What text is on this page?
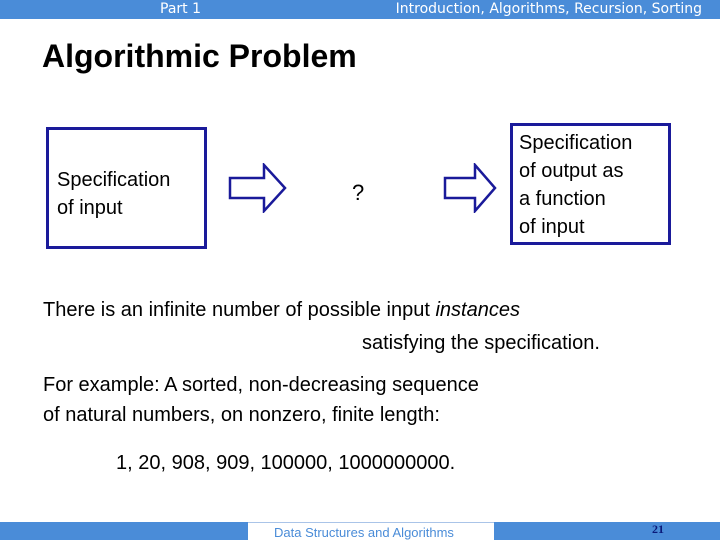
Part 1	Introduction, Algorithms, Recursion, Sorting
Algorithmic Problem
Specification
of input
?
Specification
of output as
a function
of input
There is an infinite number of possible input instances
satisfying the specification.
For example: A sorted, non-decreasing sequence
of natural numbers, on nonzero, finite length:
1, 20, 908, 909, 100000, 1000000000.
Data Structures and Algorithms	21
